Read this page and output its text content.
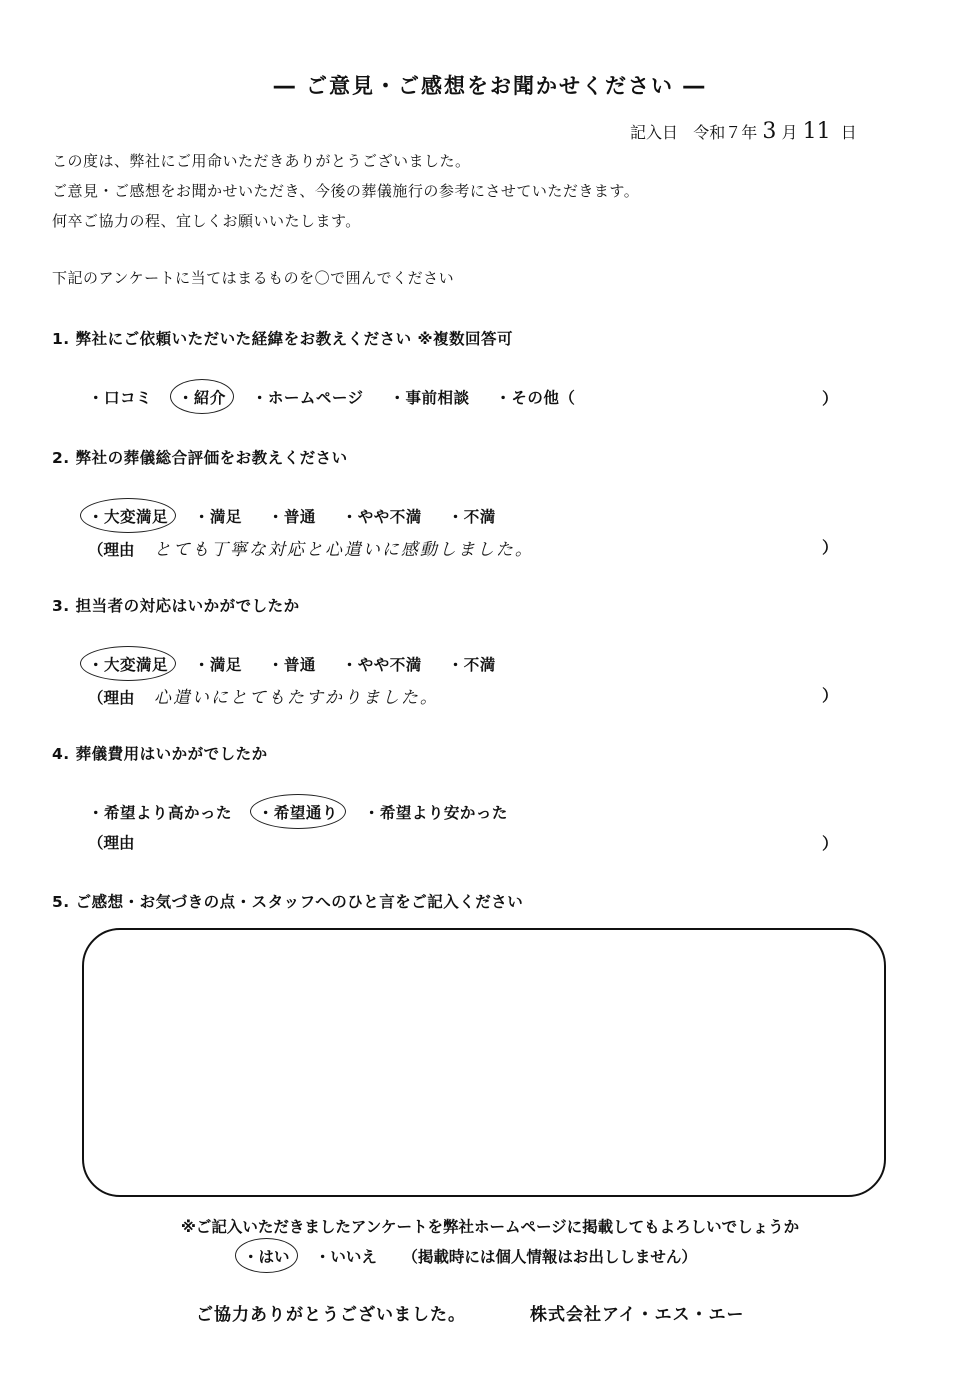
― ご意見・ご感想をお聞かせください ―
記入日 令和７年 3 月 11 日
この度は、弊社にご用命いただきありがとうございました。
ご意見・ご感想をお聞かせいただき、今後の葬儀施行の参考にさせていただきます。
何卒ご協力の程、宜しくお願いいたします。
下記のアンケートに当てはまるものを〇で囲んでください
1. 弊社にご依頼いただいた経緯をお教えください ※複数回答可
・口コミ ・紹介 ・ホームページ ・事前相談 ・その他（	）
2. 弊社の葬儀総合評価をお教えください
・大変満足 ・満足 ・普通 ・やや不満 ・不満
（理由 とても丁寧な対応と心遣いに感動しました。	）
3. 担当者の対応はいかがでしたか
・大変満足 ・満足 ・普通 ・やや不満 ・不満
（理由 心遣いにとてもたすかりました。	）
4. 葬儀費用はいかがでしたか
・希望より高かった ・希望通り ・希望より安かった
（理由	）
5. ご感想・お気づきの点・スタッフへのひと言をご記入ください
※ご記入いただきましたアンケートを弊社ホームページに掲載してもよろしいでしょうか
・はい ・いいえ （掲載時には個人情報はお出ししません）
ご協力ありがとうございました。	株式会社アイ・エス・エー
